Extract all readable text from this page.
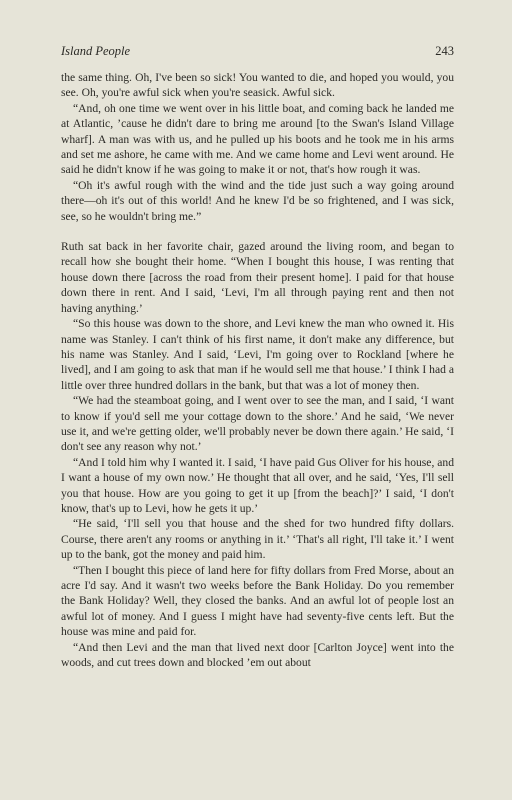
Island People	243

the same thing. Oh, I've been so sick! You wanted to die, and hoped you would, you see. Oh, you're awful sick when you're seasick. Awful sick.

“And, oh one time we went over in his little boat, and coming back he landed me at Atlantic, ’cause he didn't dare to bring me around [to the Swan's Island Village wharf]. A man was with us, and he pulled up his boots and he took me in his arms and set me ashore, he came with me. And we came home and Levi went around. He said he didn't know if he was going to make it or not, that's how rough it was.

“Oh it's awful rough with the wind and the tide just such a way going around there—oh it's out of this world! And he knew I'd be so frightened, and I was sick, see, so he wouldn't bring me.”

Ruth sat back in her favorite chair, gazed around the living room, and began to recall how she bought their home. “When I bought this house, I was renting that house down there [across the road from their present home]. I paid for that house down there in rent. And I said, ‘Levi, I'm all through paying rent and then not having anything.’

“So this house was down to the shore, and Levi knew the man who owned it. His name was Stanley. I can't think of his first name, it don't make any difference, but his name was Stanley. And I said, ‘Levi, I'm going over to Rockland [where he lived], and I am going to ask that man if he would sell me that house.’ I think I had a little over three hundred dollars in the bank, but that was a lot of money then.

“We had the steamboat going, and I went over to see the man, and I said, ‘I want to know if you'd sell me your cottage down to the shore.’ And he said, ‘We never use it, and we're getting older, we'll probably never be down there again.’ He said, ‘I don't see any reason why not.’

“And I told him why I wanted it. I said, ‘I have paid Gus Oliver for his house, and I want a house of my own now.’ He thought that all over, and he said, ‘Yes, I'll sell you that house. How are you going to get it up [from the beach]?’ I said, ‘I don't know, that's up to Levi, how he gets it up.’

“He said, ‘I'll sell you that house and the shed for two hundred fifty dollars. Course, there aren't any rooms or anything in it.’ ‘That's all right, I'll take it.’ I went up to the bank, got the money and paid him.

“Then I bought this piece of land here for fifty dollars from Fred Morse, about an acre I'd say. And it wasn't two weeks before the Bank Holiday. Do you remember the Bank Holiday? Well, they closed the banks. And an awful lot of people lost an awful lot of money. And I guess I might have had seventy-five cents left. But the house was mine and paid for.

“And then Levi and the man that lived next door [Carlton Joyce] went into the woods, and cut trees down and blocked ’em out about
